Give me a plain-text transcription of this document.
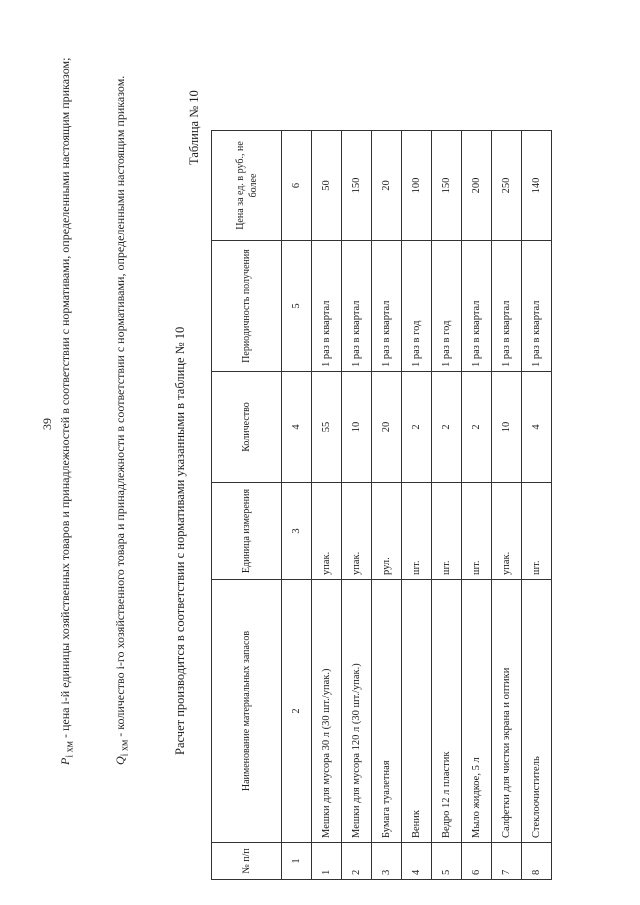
39
$P_{i хм}$ - цена i-й единицы хозяйственных товаров и принадлежностей в соответствии с нормативами, определенными настоящим приказом;
$Q_{i хм}$ - количество i-го хозяйственного товара и принадлежности в соответствии с нормативами, определенными настоящим приказом.	Расчет производится в соответствии с нормативами указанными в таблице № 10
Таблица № 10
№ п/п	Наименование материальных запасов	Единица измерения	Количество	Периодичность получения	Цена за ед. в руб., не более
1	2	3	4	5	6
1	Мешки для мусора 30 л (30 шт./упак.)	упак.	55	1 раз в квартал	50
2	Мешки для мусора 120 л (30 шт./упак.)	упак.	10	1 раз в квартал	150
3	Бумага туалетная	рул.	20	1 раз в квартал	20
4	Веник	шт.	2	1 раз в год	100
5	Ведро 12 л пластик	шт.	2	1 раз в год	150
6	Мыло жидкое, 5 л	шт.	2	1 раз в квартал	200
7	Салфетки для чистки экрана и оптики	упак.	10	1 раз в квартал	250
8	Стеклоочиститель	шт.	4	1 раз в квартал	140
